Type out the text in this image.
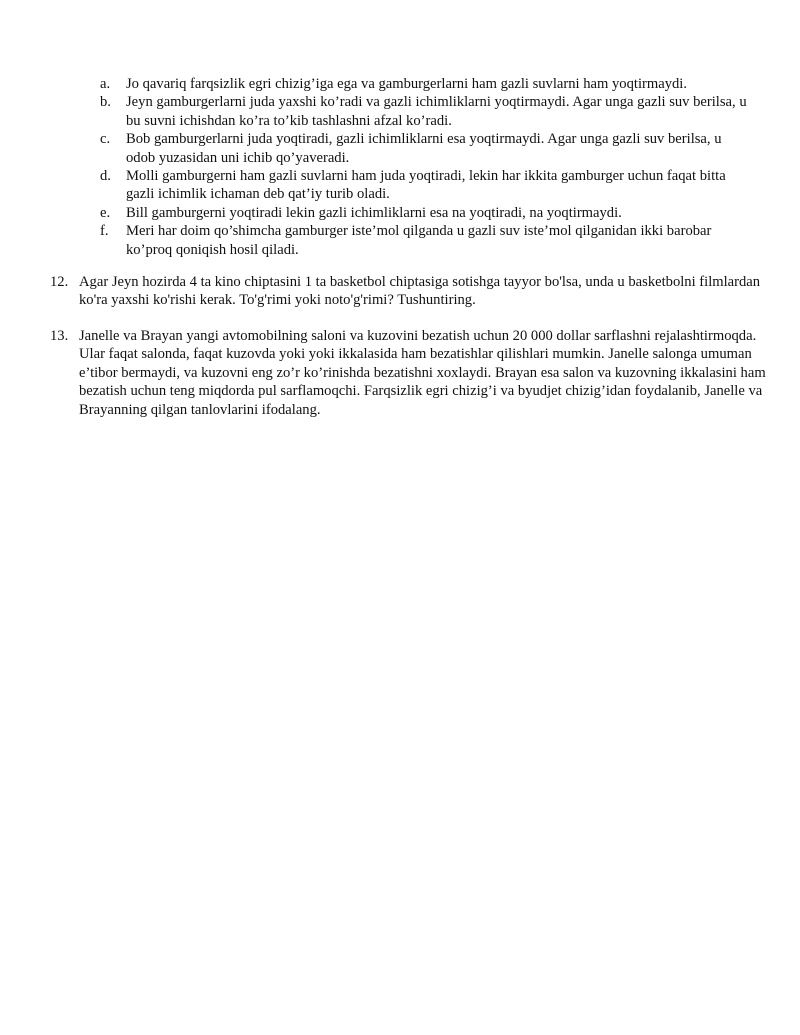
a.	Jo qavariq farqsizlik egri chizig’iga ega va gamburgerlarni ham gazli suvlarni ham yoqtirmaydi.
b.	Jeyn gamburgerlarni juda yaxshi ko’radi va gazli ichimliklarni yoqtirmaydi. Agar unga gazli suv berilsa, u bu suvni ichishdan ko’ra to’kib tashlashni afzal ko’radi.
c.	Bob gamburgerlarni juda yoqtiradi, gazli ichimliklarni esa yoqtirmaydi. Agar unga gazli suv berilsa, u odob yuzasidan uni ichib qo’yaveradi.
d.	Molli gamburgerni ham gazli suvlarni ham juda yoqtiradi, lekin har ikkita gamburger uchun faqat bitta gazli ichimlik ichaman deb qat’iy turib oladi.
e.	Bill gamburgerni yoqtiradi lekin gazli ichimliklarni esa na yoqtiradi, na yoqtirmaydi.
f.	Meri har doim qo’shimcha gamburger iste’mol qilganda u gazli suv iste’mol qilganidan ikki barobar ko’proq qoniqish hosil qiladi.
12. Agar Jeyn hozirda 4 ta kino chiptasini 1 ta basketbol chiptasiga sotishga tayyor bo'lsa, unda u basketbolni filmlardan ko'ra yaxshi ko'rishi kerak. To'g'rimi yoki noto'g'rimi? Tushuntiring.
13. Janelle va Brayan yangi avtomobilning saloni va kuzovini bezatish uchun 20 000 dollar sarflashni rejalashtirmoqda. Ular faqat salonda, faqat kuzovda yoki yoki ikkalasida ham bezatishlar qilishlari mumkin. Janelle salonga umuman e’tibor bermaydi, va kuzovni eng zo’r ko’rinishda bezatishni xoxlaydi. Brayan esa salon va kuzovning ikkalasini ham bezatish uchun teng miqdorda pul sarflamoqchi. Farqsizlik egri chizig’i va byudjet chizig’idan foydalanib, Janelle va Brayanning qilgan tanlovlarini ifodalang.
